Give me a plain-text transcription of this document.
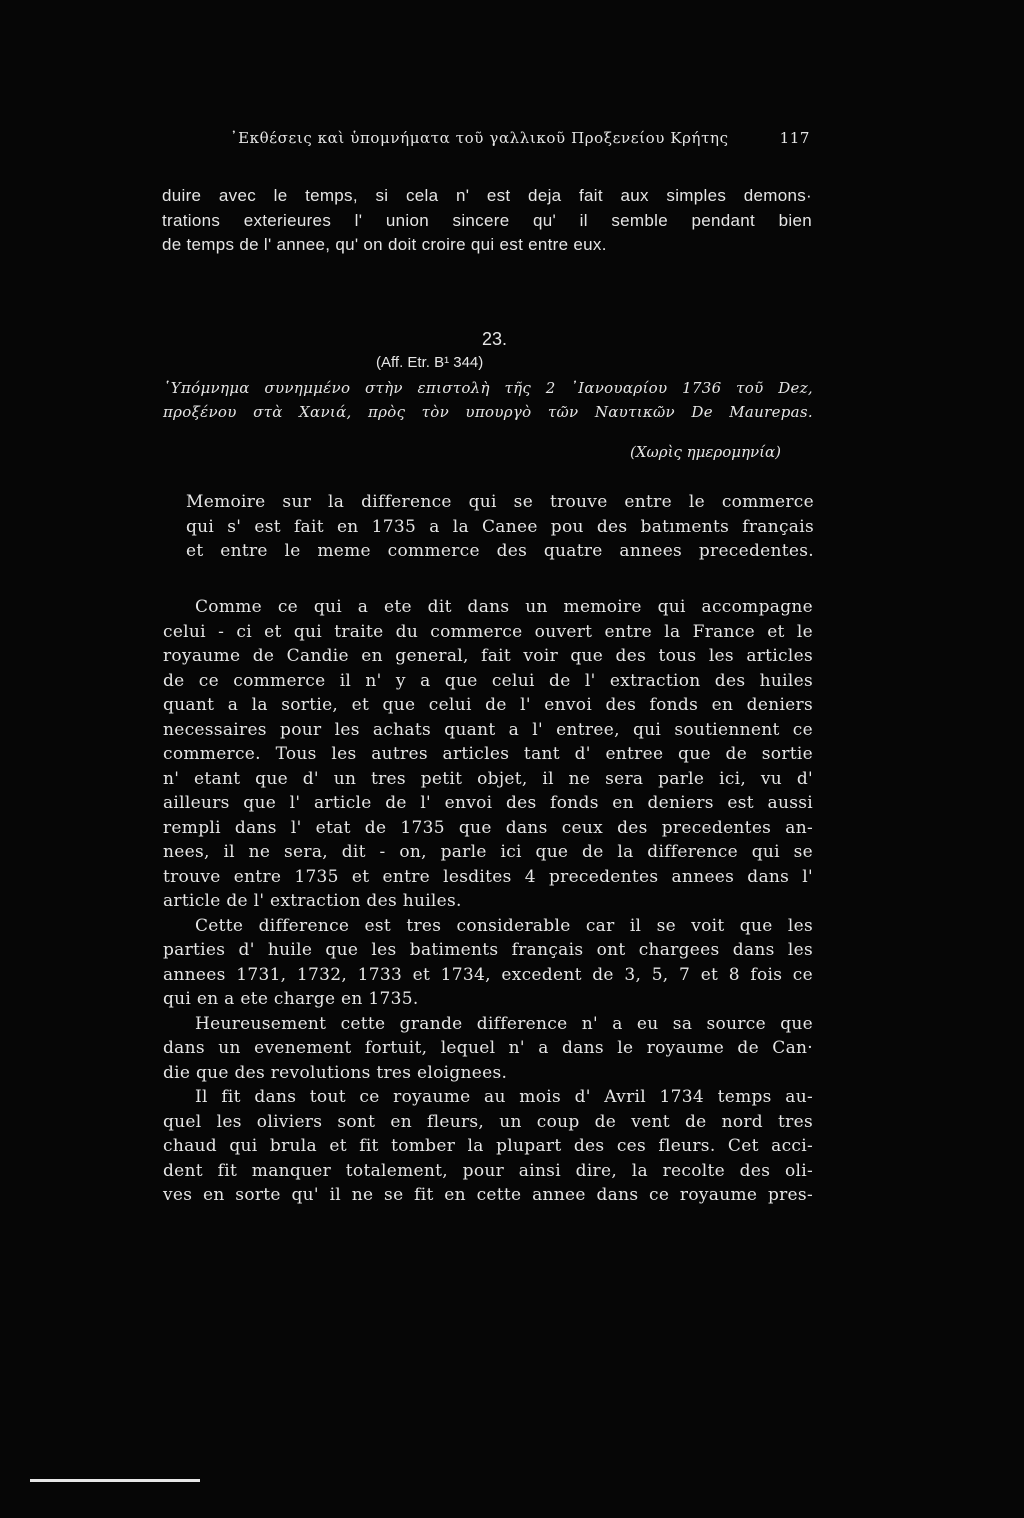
᾿Εκθέσεις καὶ ὑπομνήματα τοῦ γαλλικοῦ Προξενείου Κρήτης	117
duire avec le temps, si cela n' est deja fait aux simples demons·
trations exterieures l' union sincere qu' il semble pendant bien
de temps de l' annee, qu' on doit croire qui est entre eux.
23.
(Aff. Etr. B¹ 344)
῾Υπόμνημα συνημμένο στὴν επιστολὴ τῆς 2 ᾿Ιανουαρίου 1736 τοῦ Dez,
προξένου στὰ Χανιά, πρὸς τὸν υπουργὸ τῶν Ναυτικῶν De Maurepas.
(Χωρὶς ημερομηνία)
Memoire sur la difference qui se trouve entre le commerce
qui s' est fait en 1735 a la Canee pou des batıments français
et entre le meme commerce des quatre annees precedentes.
Comme ce qui a ete dit dans un memoire qui accompagne
celui - ci et qui traite du commerce ouvert entre la France et le
royaume de Candie en general, fait voir que des tous les articles
de ce commerce il n' y a que celui de l' extraction des huiles
quant a la sortie, et que celui de l' envoi des fonds en deniers
necessaires pour les achats quant a l' entree, qui soutiennent ce
commerce. Tous les autres articles tant d' entree que de sortie
n' etant que d' un tres petit objet, il ne sera parle ici, vu d'
ailleurs que l' article de l' envoi des fonds en deniers est aussi
rempli dans l' etat de 1735 que dans ceux des precedentes an-
nees, il ne sera, dit - on, parle ici que de la difference qui se
trouve entre 1735 et entre lesdites 4 precedentes annees dans l'
article de l' extraction des huiles.
Cette difference est tres considerable car il se voit que les
parties d' huile que les batiments français ont chargees dans les
annees 1731, 1732, 1733 et 1734, excedent de 3, 5, 7 et 8 fois ce
qui en a ete charge en 1735.
Heureusement cette grande difference n' a eu sa source que
dans un evenement fortuit, lequel n' a dans le royaume de Can·
die que des revolutions tres eloignees.
Il fit dans tout ce royaume au mois d' Avril 1734 temps au-
quel les oliviers sont en fleurs, un coup de vent de nord tres
chaud qui brula et fit tomber la plupart des ces fleurs. Cet acci-
dent fit manquer totalement, pour ainsi dire, la recolte des oli-
ves en sorte qu' il ne se fit en cette annee dans ce royaume pres-
